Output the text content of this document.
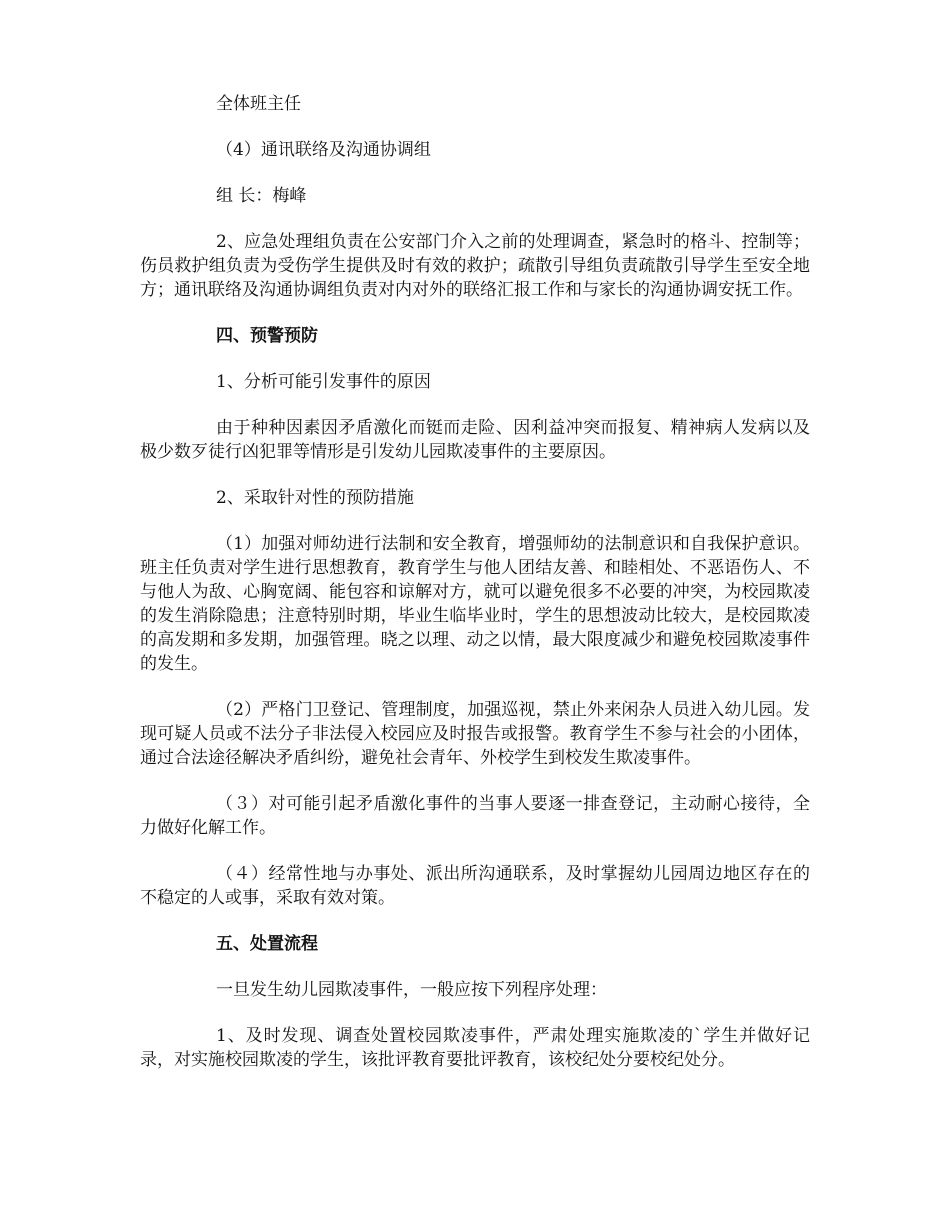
全体班主任

（4）通讯联络及沟通协调组

组 长：梅峰

2、应急处理组负责在公安部门介入之前的处理调查，紧急时的格斗、控制等；伤员救护组负责为受伤学生提供及时有效的救护；疏散引导组负责疏散引导学生至安全地方；通讯联络及沟通协调组负责对内对外的联络汇报工作和与家长的沟通协调安抚工作。

四、预警预防

1、分析可能引发事件的原因

由于种种因素因矛盾激化而铤而走险、因利益冲突而报复、精神病人发病以及极少数歹徒行凶犯罪等情形是引发幼儿园欺凌事件的主要原因。

2、采取针对性的预防措施

（1）加强对师幼进行法制和安全教育，增强师幼的法制意识和自我保护意识。班主任负责对学生进行思想教育，教育学生与他人团结友善、和睦相处、不恶语伤人、不与他人为敌、心胸宽阔、能包容和谅解对方，就可以避免很多不必要的冲突，为校园欺凌的发生消除隐患；注意特别时期，毕业生临毕业时，学生的思想波动比较大，是校园欺凌的高发期和多发期，加强管理。晓之以理、动之以情，最大限度减少和避免校园欺凌事件的发生。

（2）严格门卫登记、管理制度，加强巡视，禁止外来闲杂人员进入幼儿园。发现可疑人员或不法分子非法侵入校园应及时报告或报警。教育学生不参与社会的小团体，通过合法途径解决矛盾纠纷，避免社会青年、外校学生到校发生欺凌事件。

（３）对可能引起矛盾激化事件的当事人要逐一排查登记，主动耐心接待，全力做好化解工作。

（４）经常性地与办事处、派出所沟通联系，及时掌握幼儿园周边地区存在的不稳定的人或事，采取有效对策。

五、处置流程

一旦发生幼儿园欺凌事件，一般应按下列程序处理：

1、及时发现、调查处置校园欺凌事件，严肃处理实施欺凌的`学生并做好记录，对实施校园欺凌的学生，该批评教育要批评教育，该校纪处分要校纪处分。
